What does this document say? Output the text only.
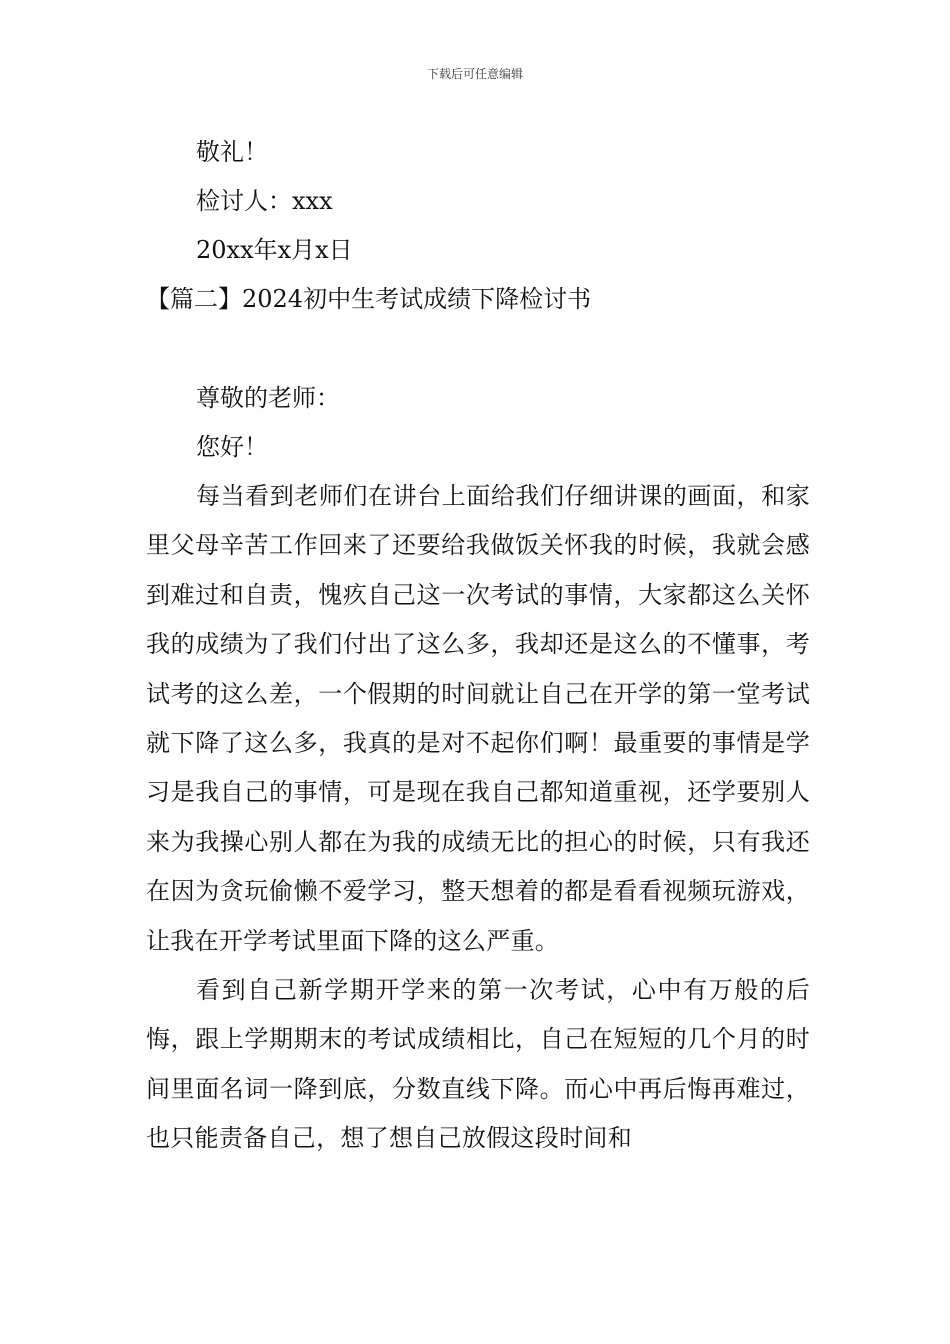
下载后可任意编辑
敬礼！
检讨人：xxx
20xx年x月x日
【篇二】2024初中生考试成绩下降检讨书
尊敬的老师：
您好！

每当看到老师们在讲台上面给我们仔细讲课的画面，和家里父母辛苦工作回来了还要给我做饭关怀我的时候，我就会感到难过和自责，愧疚自己这一次考试的事情，大家都这么关怀我的成绩为了我们付出了这么多，我却还是这么的不懂事，考试考的这么差，一个假期的时间就让自己在开学的第一堂考试就下降了这么多，我真的是对不起你们啊！最重要的事情是学习是我自己的事情，可是现在我自己都知道重视，还学要别人来为我操心别人都在为我的成绩无比的担心的时候，只有我还在因为贪玩偷懒不爱学习，整天想着的都是看看视频玩游戏，让我在开学考试里面下降的这么严重。

看到自己新学期开学来的第一次考试，心中有万般的后悔，跟上学期期末的考试成绩相比，自己在短短的几个月的时间里面名词一降到底，分数直线下降。而心中再后悔再难过，也只能责备自己，想了想自己放假这段时间和
